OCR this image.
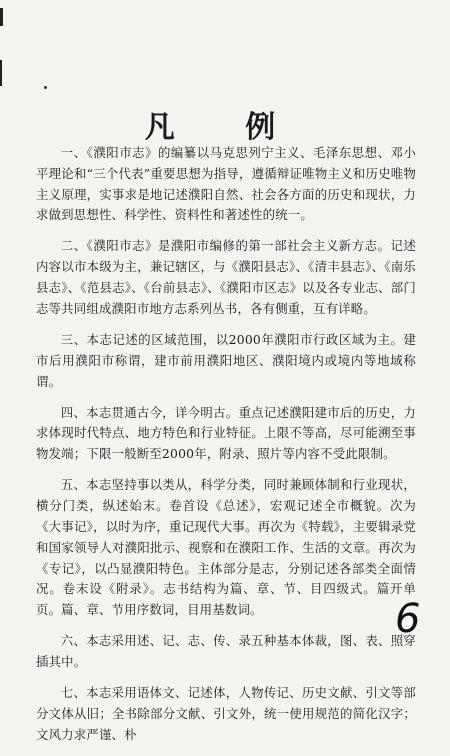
凡 例

一、《濮阳市志》的编纂以马克思列宁主义、毛泽东思想、邓小平理论和“三个代表”重要思想为指导，遵循辩证唯物主义和历史唯物主义原理，实事求是地记述濮阳自然、社会各方面的历史和现状，力求做到思想性、科学性、资料性和著述性的统一。

二、《濮阳市志》是濮阳市编修的第一部社会主义新方志。记述内容以市本级为主，兼记辖区，与《濮阳县志》、《清丰县志》、《南乐县志》、《范县志》、《台前县志》、《濮阳市区志》以及各专业志、部门志等共同组成濮阳市地方志系列丛书，各有侧重，互有详略。

三、本志记述的区域范围，以2000年濮阳市行政区域为主。建市后用濮阳市称谓，建市前用濮阳地区、濮阳境内或境内等地域称谓。

四、本志贯通古今，详今明古。重点记述濮阳建市后的历史，力求体现时代特点、地方特色和行业特征。上限不等高，尽可能溯至事物发端；下限一般断至2000年，附录、照片等内容不受此限制。

五、本志坚持事以类从，科学分类，同时兼顾体制和行业现状，横分门类，纵述始末。卷首设《总述》，宏观记述全市概貌。次为《大事记》，以时为序，重记现代大事。再次为《特载》，主要辑录党和国家领导人对濮阳批示、视察和在濮阳工作、生活的文章。再次为《专记》，以凸显濮阳特色。主体部分是志，分别记述各部类全面情况。卷末设《附录》。志书结构为篇、章、节、目四级式。篇开单页。篇、章、节用序数词，目用基数词。

六、本志采用述、记、志、传、录五种基本体裁，图、表、照穿插其中。

七、本志采用语体文、记述体，人物传记、历史文献、引文等部分文体从旧；全书除部分文献、引文外，统一使用规范的简化汉字；文风力求严谨、朴

6
